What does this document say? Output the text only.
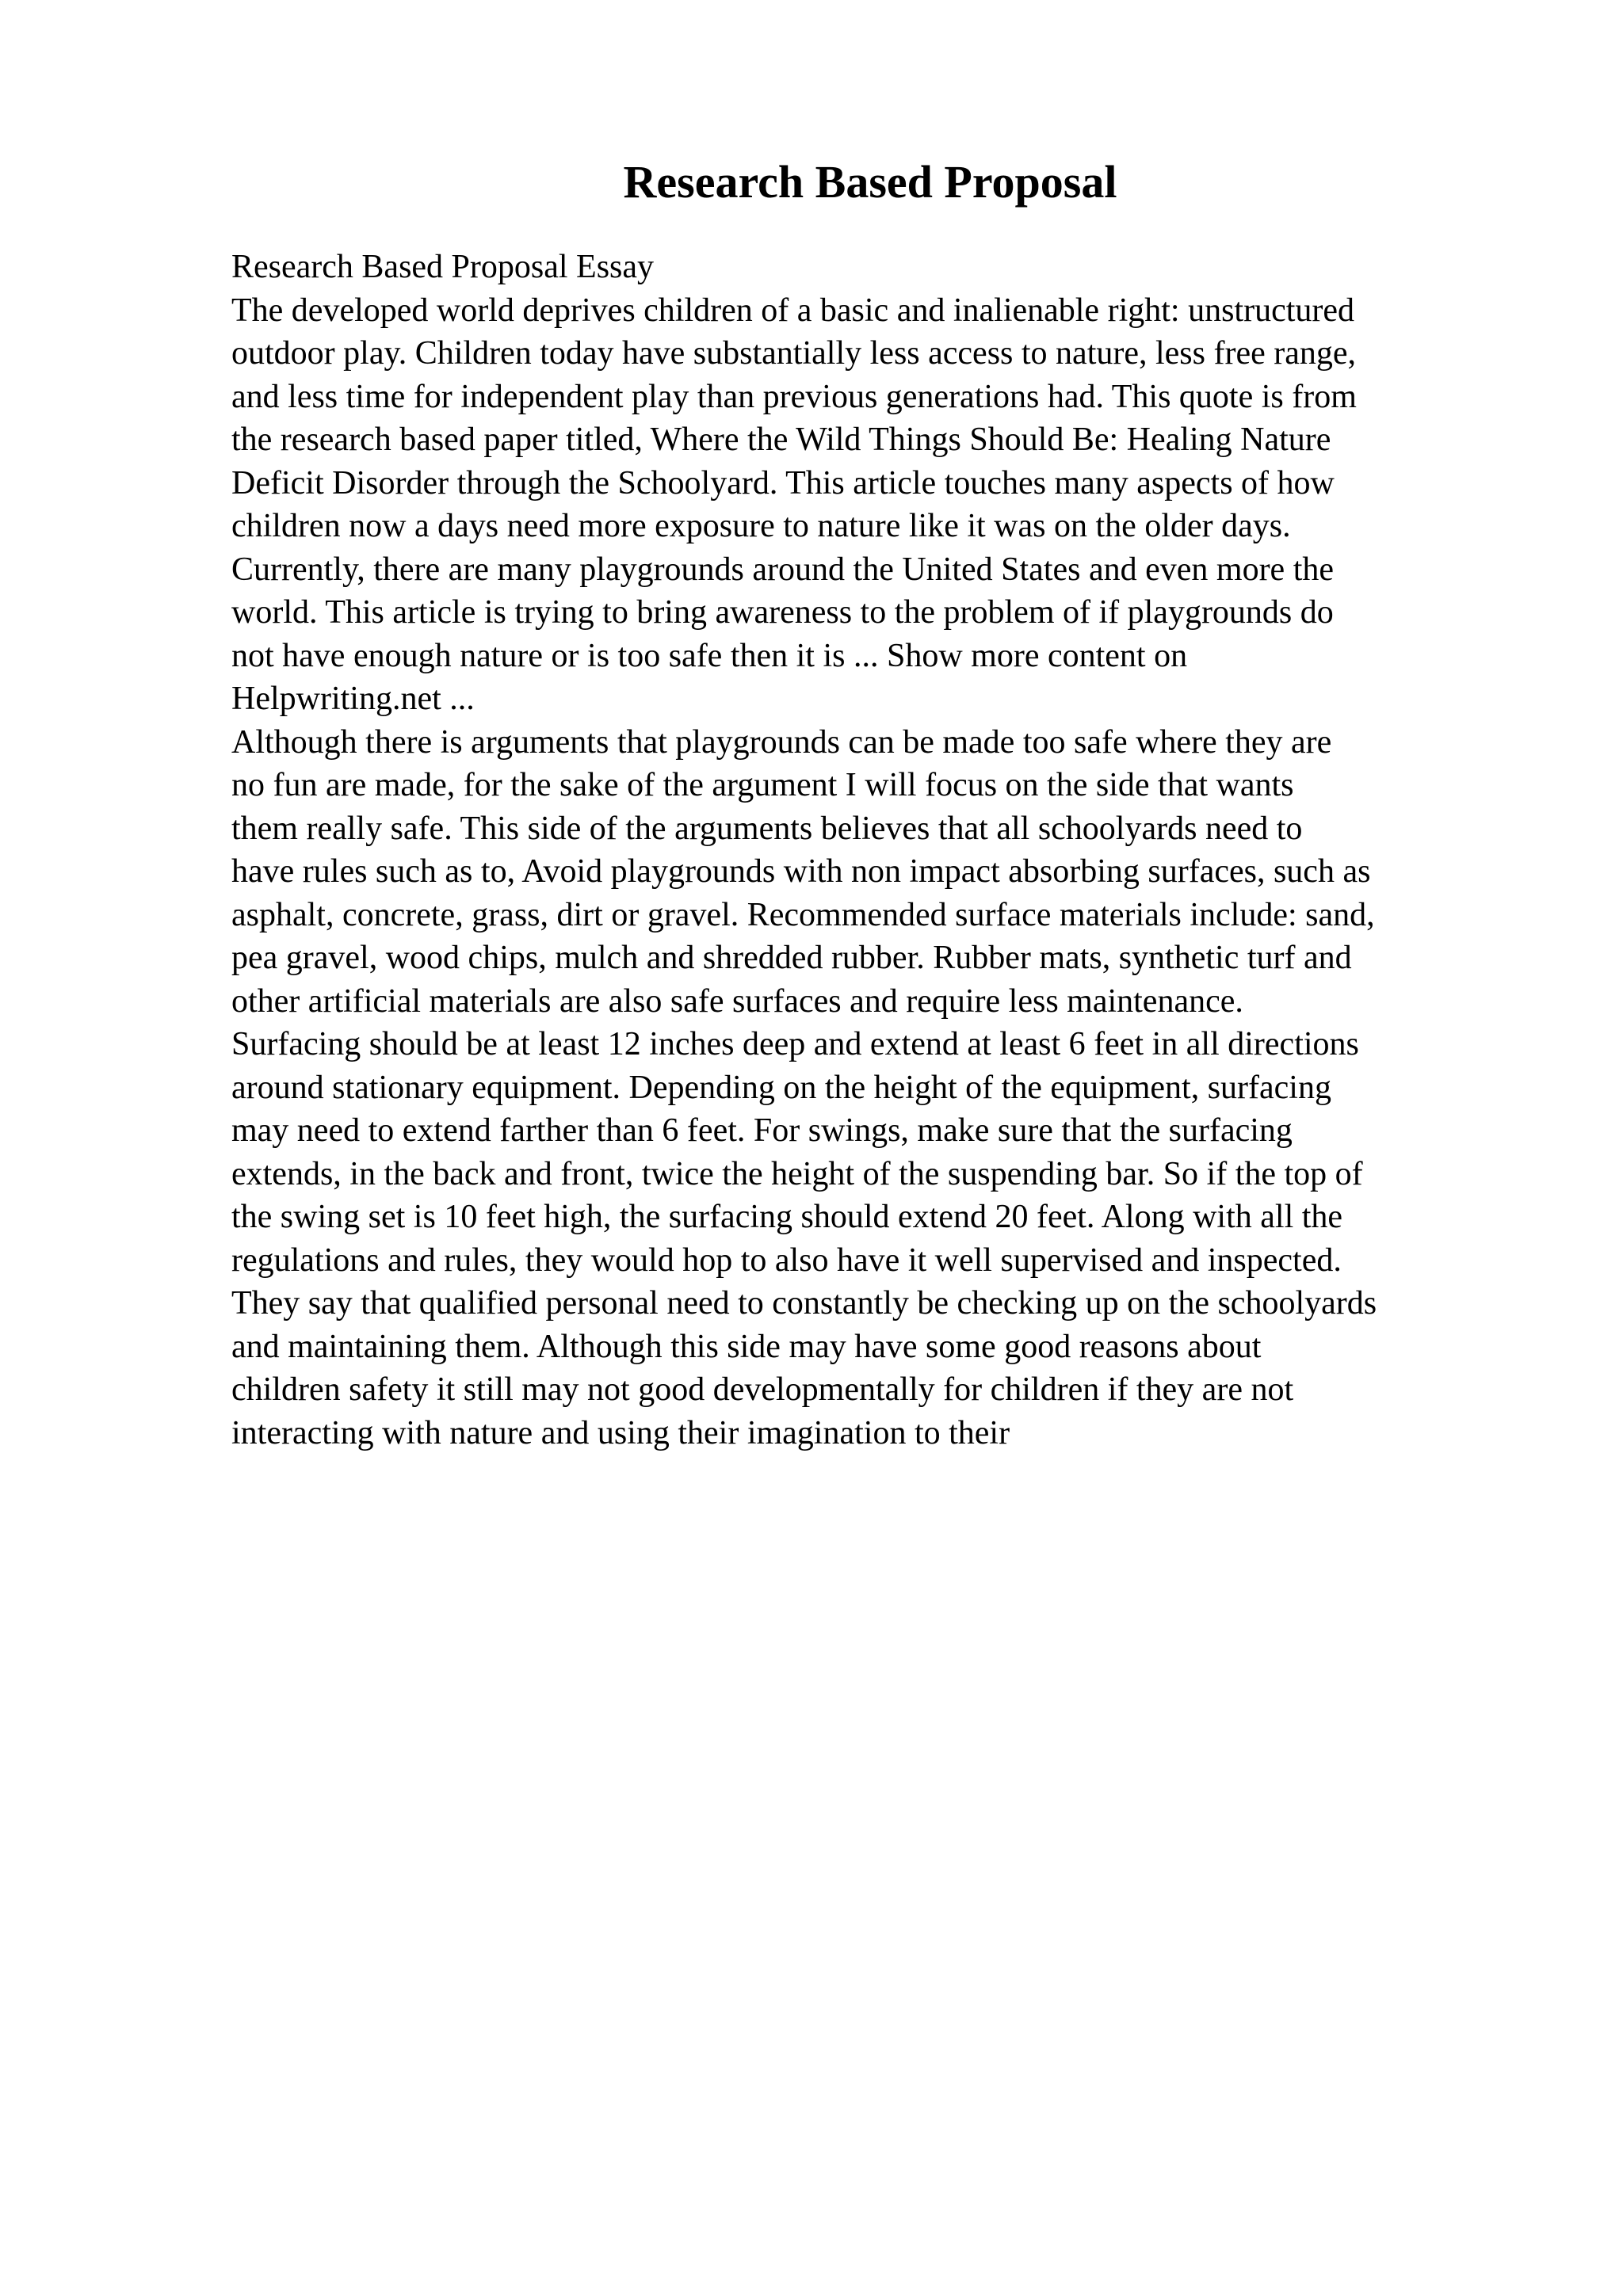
Research Based Proposal
Research Based Proposal Essay
The developed world deprives children of a basic and inalienable right: unstructured
outdoor play. Children today have substantially less access to nature, less free range,
and less time for independent play than previous generations had. This quote is from
the research based paper titled, Where the Wild Things Should Be: Healing Nature
Deficit Disorder through the Schoolyard. This article touches many aspects of how
children now a days need more exposure to nature like it was on the older days.
Currently, there are many playgrounds around the United States and even more the
world. This article is trying to bring awareness to the problem of if playgrounds do
not have enough nature or is too safe then it is ... Show more content on
Helpwriting.net ...
Although there is arguments that playgrounds can be made too safe where they are
no fun are made, for the sake of the argument I will focus on the side that wants
them really safe. This side of the arguments believes that all schoolyards need to
have rules such as to, Avoid playgrounds with non impact absorbing surfaces, such as
asphalt, concrete, grass, dirt or gravel. Recommended surface materials include: sand,
pea gravel, wood chips, mulch and shredded rubber. Rubber mats, synthetic turf and
other artificial materials are also safe surfaces and require less maintenance.
Surfacing should be at least 12 inches deep and extend at least 6 feet in all directions
around stationary equipment. Depending on the height of the equipment, surfacing
may need to extend farther than 6 feet. For swings, make sure that the surfacing
extends, in the back and front, twice the height of the suspending bar. So if the top of
the swing set is 10 feet high, the surfacing should extend 20 feet. Along with all the
regulations and rules, they would hop to also have it well supervised and inspected.
They say that qualified personal need to constantly be checking up on the schoolyards
and maintaining them. Although this side may have some good reasons about
children safety it still may not good developmentally for children if they are not
interacting with nature and using their imagination to their
